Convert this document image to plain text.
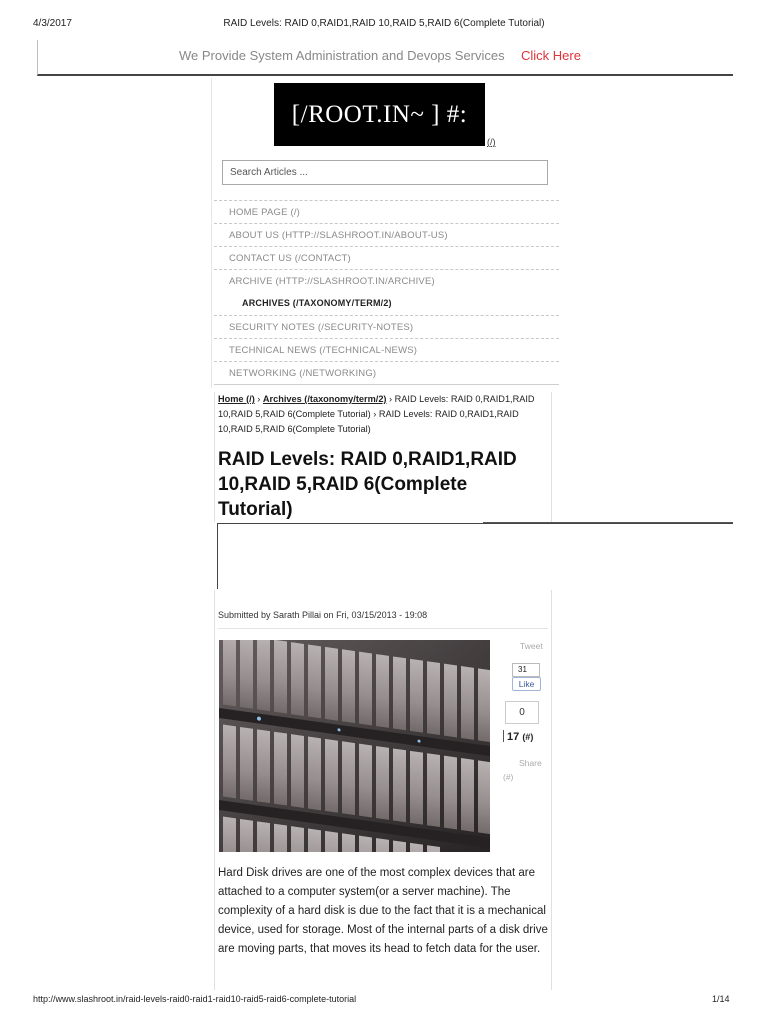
RAID Levels: RAID 0,RAID1,RAID 10,RAID 5,RAID 6(Complete Tutorial)
4/3/2017
We Provide System Administration and Devops Services Click Here
[/ROOT.IN~ ] #:
(/)
Search Articles ...
HOME PAGE (/)
ABOUT US (HTTP://SLASHROOT.IN/ABOUT-US)
CONTACT US (/CONTACT)
ARCHIVE (HTTP://SLASHROOT.IN/ARCHIVE)
ARCHIVES (/TAXONOMY/TERM/2)
SECURITY NOTES (/SECURITY-NOTES)
TECHNICAL NEWS (/TECHNICAL-NEWS)
NETWORKING (/NETWORKING)
Home (/) › Archives (/taxonomy/term/2) › RAID Levels: RAID 0,RAID1,RAID 10,RAID 5,RAID 6(Complete Tutorial) › RAID Levels: RAID 0,RAID1,RAID 10,RAID 5,RAID 6(Complete Tutorial)
RAID Levels: RAID 0,RAID1,RAID 10,RAID 5,RAID 6(Complete Tutorial)
Submitted by Sarath Pillai on Fri, 03/15/2013 - 19:08
Tweet
31
Like
0
17 (#)
Share
(#)

Hard Disk drives are one of the most complex devices that are attached to a computer system(or a server machine). The complexity of a hard disk is due to the fact that it is a mechanical device, used for storage. Most of the internal parts of a disk drive are moving parts, that moves its head to fetch data for the user.

http://www.slashroot.in/raid-levels-raid0-raid1-raid10-raid5-raid6-complete-tutorial	1/14
